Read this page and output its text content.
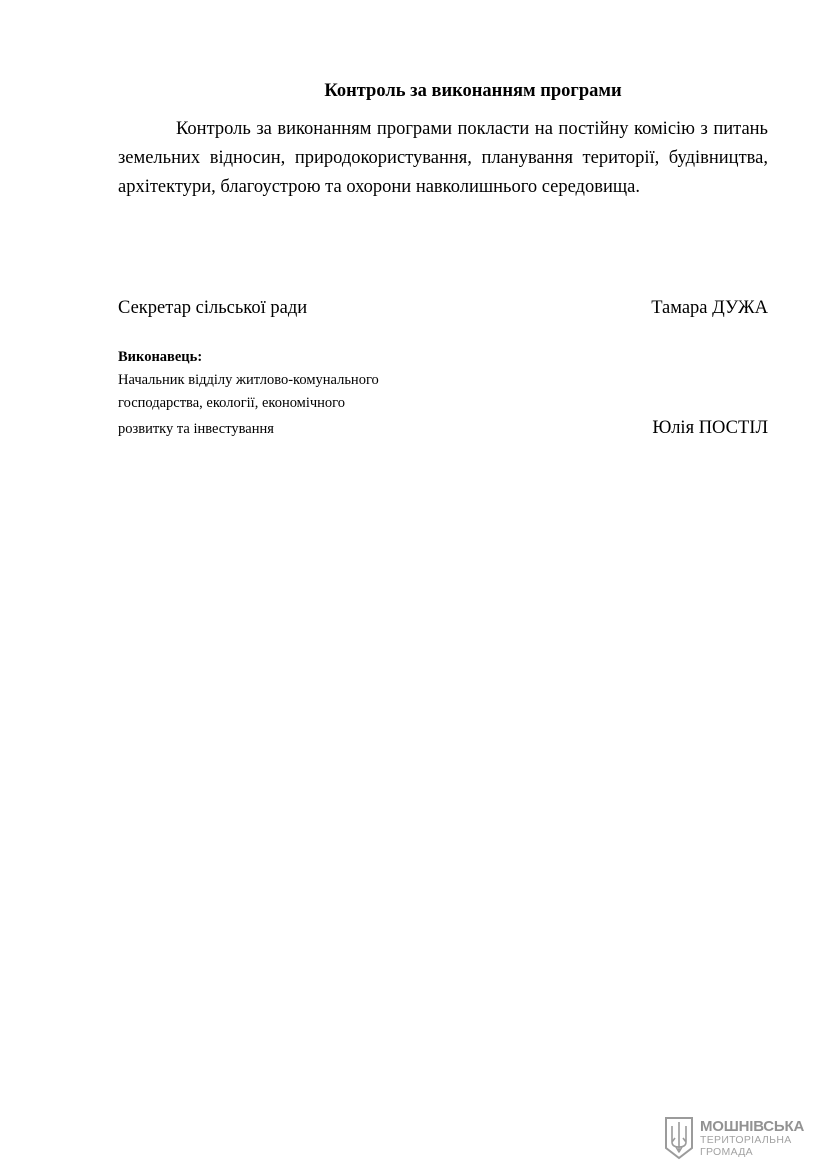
Контроль за виконанням програми

Контроль за виконанням програми покласти на постійну комісію з питань земельних відносин, природокористування, планування території, будівництва, архітектури, благоустрою та охорони навколишнього середовища.

Секретар сільської ради	Тамара ДУЖА

Виконавець:

Начальник відділу житлово-комунального

господарства, екології, економічного

розвитку та інвестування	Юлія ПОСТІЛ
МОШНІВСЬКА
ТЕРИТОРІАЛЬНА
ГРОМАДА
